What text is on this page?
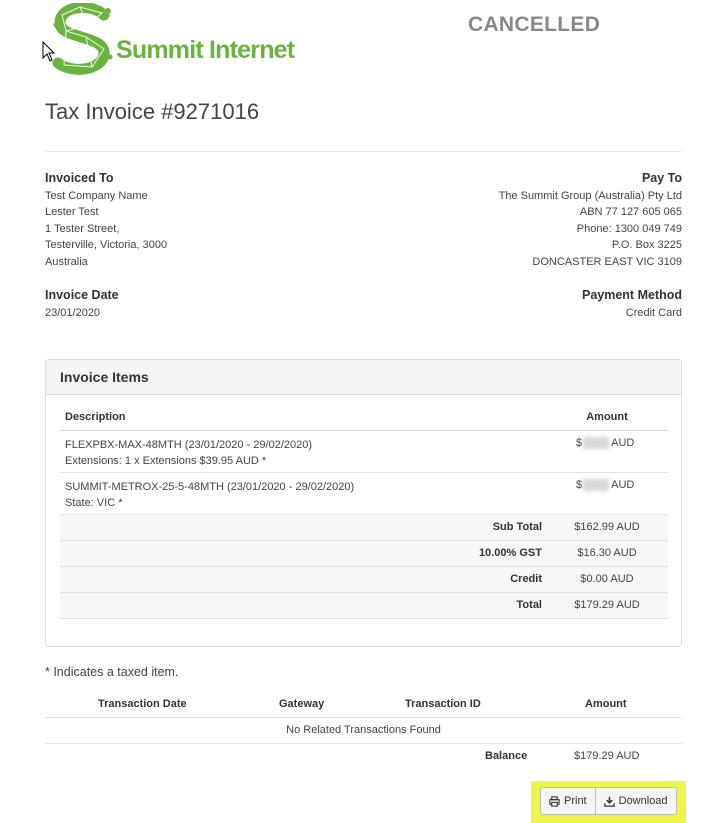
Summit Internet
CANCELLED
Tax Invoice #9271016
Invoiced To
Test Company Name
Lester Test
1 Tester Street,
Testerville, Victoria, 3000
Australia
Pay To
The Summit Group (Australia) Pty Ltd
ABN 77 127 605 065
Phone: 1300 049 749
P.O. Box 3225
DONCASTER EAST VIC 3109
Invoice Date
23/01/2020
Payment Method
Credit Card
Invoice Items
Description	Amount
FLEXPBX-MAX-48MTH (23/01/2020 - 29/02/2020)
Extensions: 1 x Extensions $39.95 AUD *
$	AUD
SUMMIT-METROX-25-5-48MTH (23/01/2020 - 29/02/2020)
State: VIC *
$	AUD
Sub Total	$162.99 AUD
10.00% GST	$16.30 AUD
Credit	$0.00 AUD
Total	$179.29 AUD
* Indicates a taxed item.
Transaction Date	Gateway	Transaction ID	Amount
No Related Transactions Found
Balance	$179.29 AUD
Print	Download
